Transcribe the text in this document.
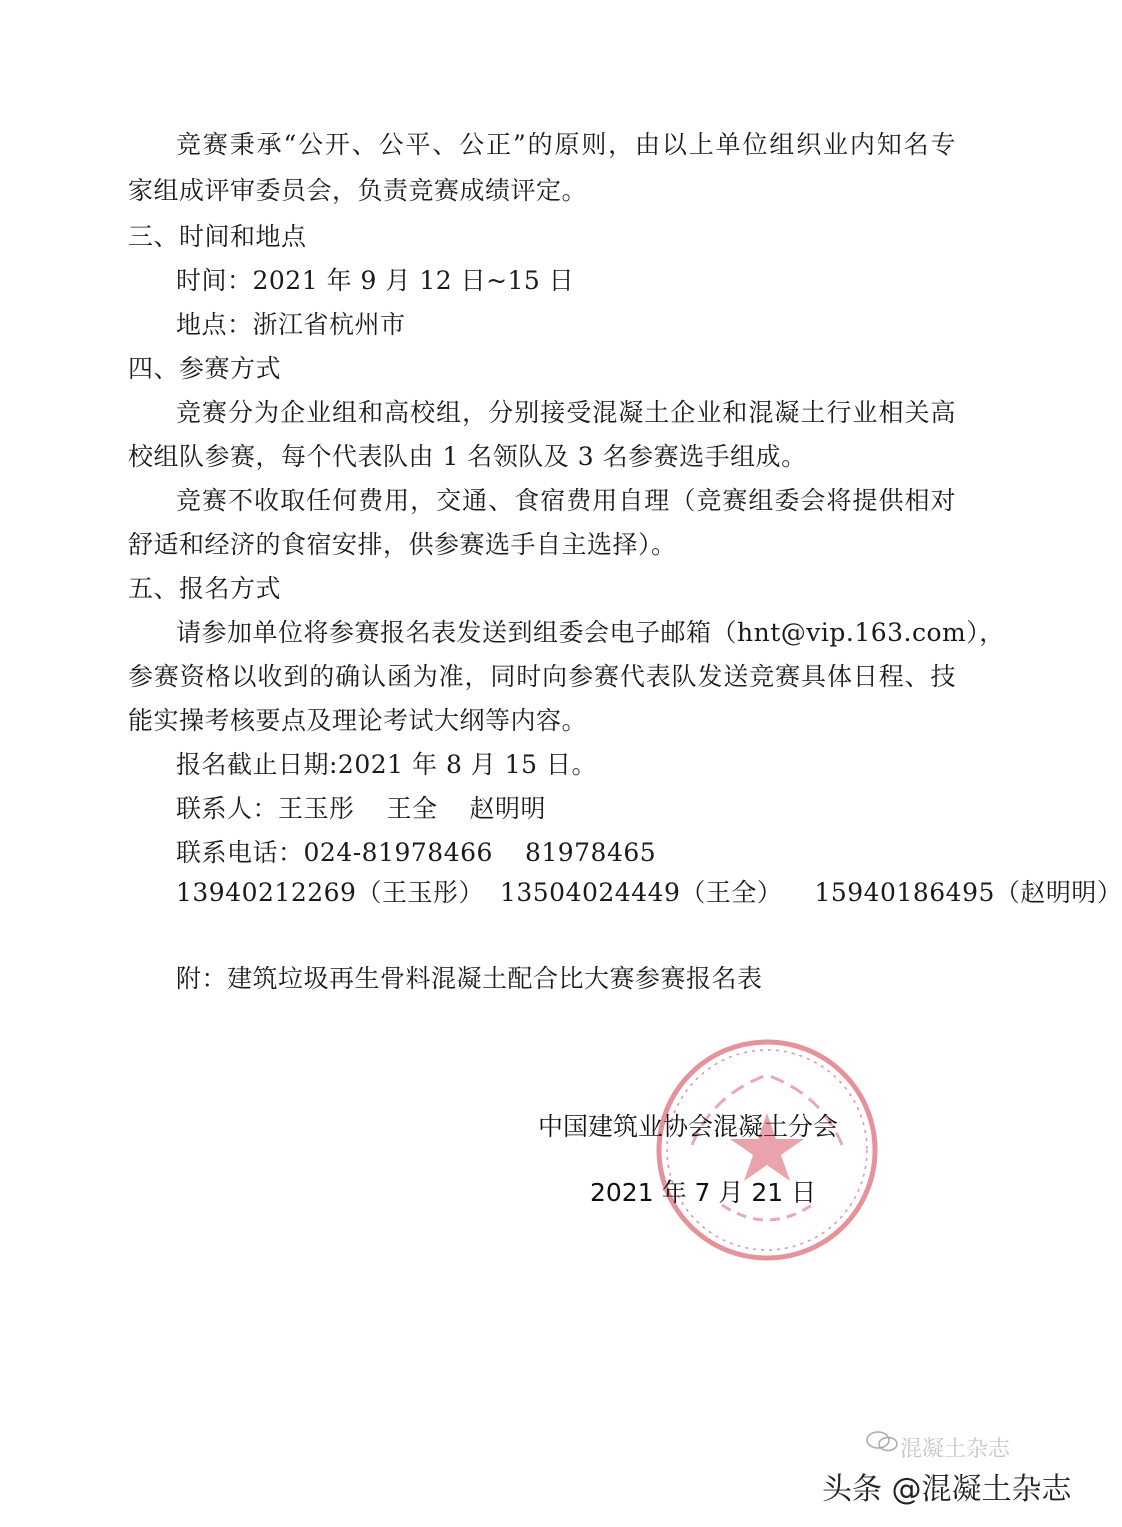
竞赛秉承“公开、公平、公正”的原则，由以上单位组织业内知名专
家组成评审委员会，负责竞赛成绩评定。
三、时间和地点
时间：2021 年 9 月 12 日~15 日
地点：浙江省杭州市
四、参赛方式
竞赛分为企业组和高校组，分别接受混凝土企业和混凝土行业相关高
校组队参赛，每个代表队由 1 名领队及 3 名参赛选手组成。
竞赛不收取任何费用，交通、食宿费用自理（竞赛组委会将提供相对
舒适和经济的食宿安排，供参赛选手自主选择）。
五、报名方式
请参加单位将参赛报名表发送到组委会电子邮箱（hnt@vip.163.com），
参赛资格以收到的确认函为准，同时向参赛代表队发送竞赛具体日程、技
能实操考核要点及理论考试大纲等内容。
报名截止日期:2021 年 8 月 15 日。
联系人：王玉彤 王全 赵明明
联系电话：024-81978466 81978465
13940212269（王玉彤） 13504024449（王全） 15940186495（赵明明）
附：建筑垃圾再生骨料混凝土配合比大赛参赛报名表
中国建筑业协会混凝土分会
2021 年 7 月 21 日
混凝土杂志
头条 @混凝土杂志
